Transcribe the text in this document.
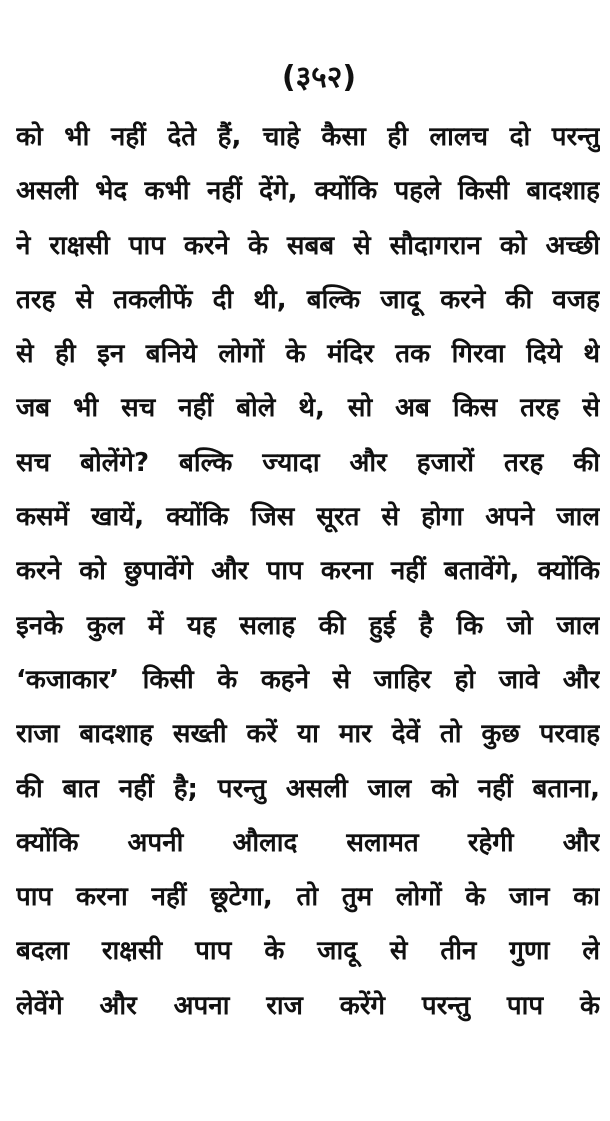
(३५२)
को भी नहीं देते हैं, चाहे कैसा ही लालच दो परन्तु
असली भेद कभी नहीं देंगे, क्योंकि पहले किसी बादशाह
ने राक्षसी पाप करने के सबब से सौदागरान को अच्छी
तरह से तकलीफें दी थी, बल्कि जादू करने की वजह
से ही इन बनिये लोगों के मंदिर तक गिरवा दिये थे
जब भी सच नहीं बोले थे, सो अब किस तरह से
सच बोलेंगे? बल्कि ज्यादा और हजारों तरह की
कसमें खायें, क्योंकि जिस सूरत से होगा अपने जाल
करने को छुपावेंगे और पाप करना नहीं बतावेंगे, क्योंकि
इनके कुल में यह सलाह की हुई है कि जो जाल
‘कजाकार’ किसी के कहने से जाहिर हो जावे और
राजा बादशाह सख्ती करें या मार देवें तो कुछ परवाह
की बात नहीं है; परन्तु असली जाल को नहीं बताना,
क्योंकि अपनी औलाद सलामत रहेगी और
पाप करना नहीं छूटेगा, तो तुम लोगों के जान का
बदला राक्षसी पाप के जादू से तीन गुणा ले
लेवेंगे और अपना राज करेंगे परन्तु पाप के
